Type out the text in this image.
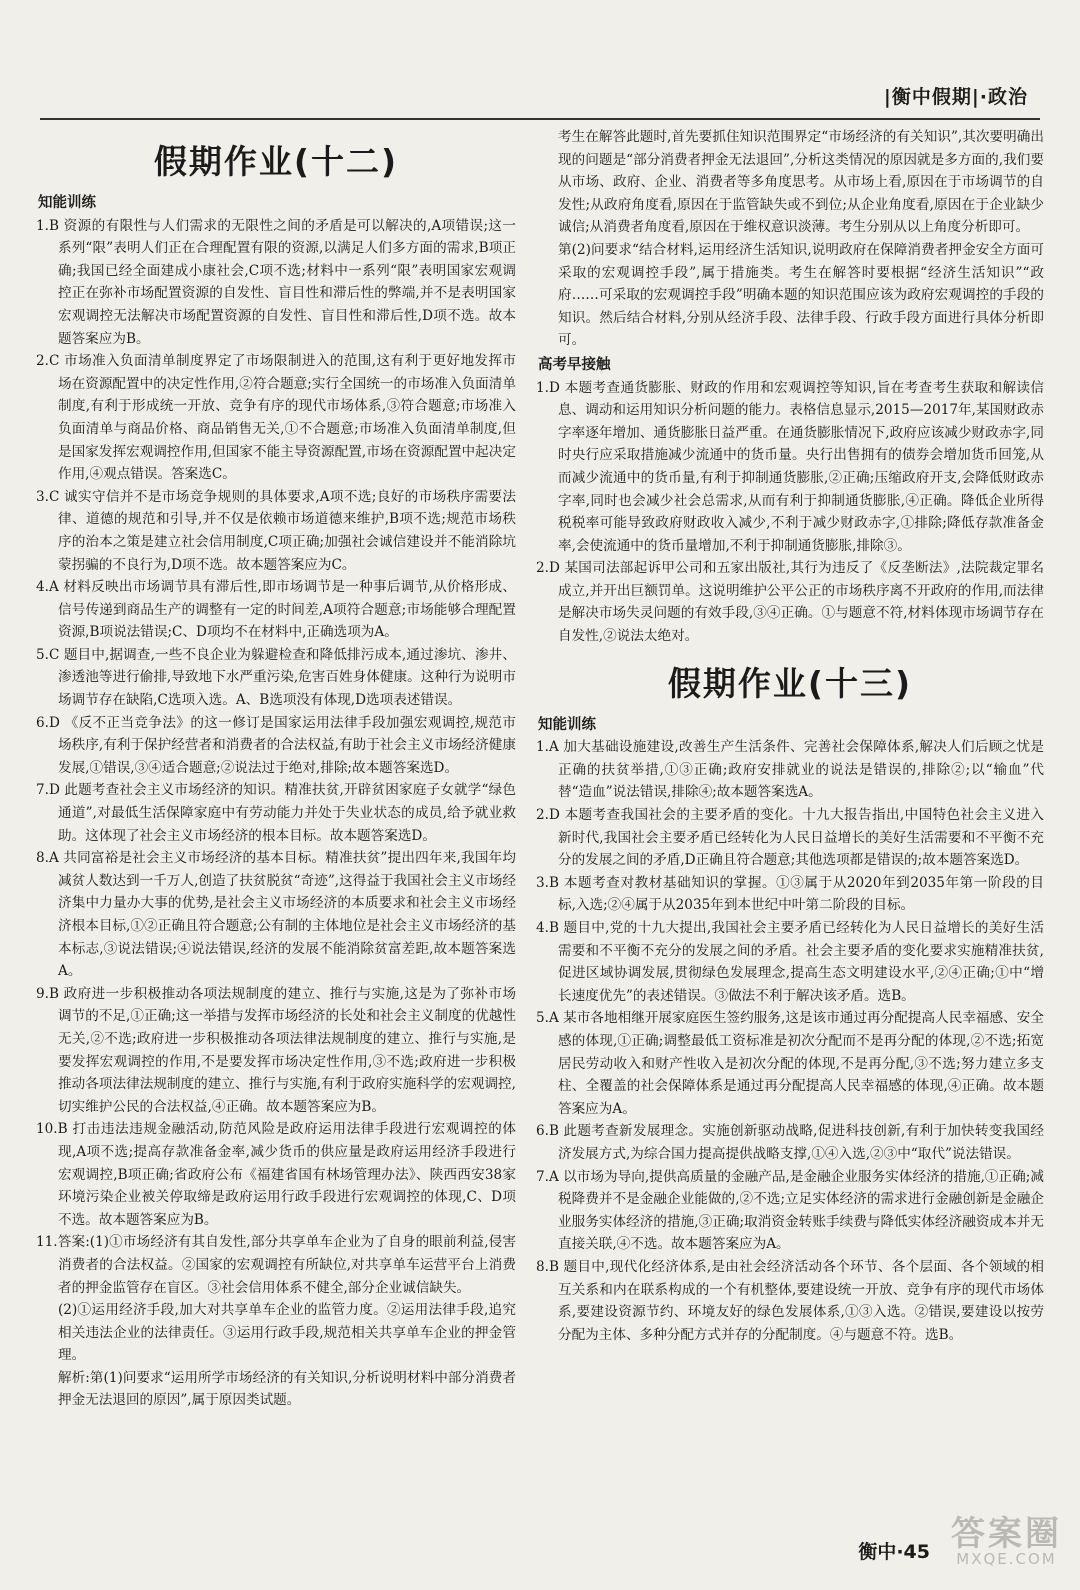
|衡中假期|·政治
假期作业(十二)
知能训练

1.B 资源的有限性与人们需求的无限性之间的矛盾是可以解决的,A项错误;这一系列“限”表明人们正在合理配置有限的资源,以满足人们多方面的需求,B项正确;我国已经全面建成小康社会,C项不选;材料中一系列“限”表明国家宏观调控正在弥补市场配置资源的自发性、盲目性和滞后性的弊端,并不是表明国家宏观调控无法解决市场配置资源的自发性、盲目性和滞后性,D项不选。故本题答案应为B。

2.C 市场准入负面清单制度界定了市场限制进入的范围,这有利于更好地发挥市场在资源配置中的决定性作用,②符合题意;实行全国统一的市场准入负面清单制度,有利于形成统一开放、竞争有序的现代市场体系,③符合题意;市场准入负面清单与商品价格、商品销售无关,①不合题意;市场准入负面清单制度,但是国家发挥宏观调控作用,但国家不能主导资源配置,市场在资源配置中起决定作用,④观点错误。答案选C。

3.C 诚实守信并不是市场竞争规则的具体要求,A项不选;良好的市场秩序需要法律、道德的规范和引导,并不仅是依赖市场道德来维护,B项不选;规范市场秩序的治本之策是建立社会信用制度,C项正确;加强社会诚信建设并不能消除坑蒙拐骗的不良行为,D项不选。故本题答案应为C。

4.A 材料反映出市场调节具有滞后性,即市场调节是一种事后调节,从价格形成、信号传递到商品生产的调整有一定的时间差,A项符合题意;市场能够合理配置资源,B项说法错误;C、D项均不在材料中,正确选项为A。

5.C 题目中,据调查,一些不良企业为躲避检查和降低排污成本,通过渗坑、渗井、渗透池等进行偷排,导致地下水严重污染,危害百姓身体健康。这种行为说明市场调节存在缺陷,C选项入选。A、B选项没有体现,D选项表述错误。

6.D 《反不正当竞争法》的这一修订是国家运用法律手段加强宏观调控,规范市场秩序,有利于保护经营者和消费者的合法权益,有助于社会主义市场经济健康发展,①错误,③④适合题意;②说法过于绝对,排除;故本题答案选D。

7.D 此题考查社会主义市场经济的知识。精准扶贫,开辟贫困家庭子女就学“绿色通道”,对最低生活保障家庭中有劳动能力并处于失业状态的成员,给予就业救助。这体现了社会主义市场经济的根本目标。故本题答案选D。

8.A 共同富裕是社会主义市场经济的基本目标。精准扶贫”提出四年来,我国年均减贫人数达到一千万人,创造了扶贫脱贫“奇迹”,这得益于我国社会主义市场经济集中力量办大事的优势,是社会主义市场经济的本质要求和社会主义市场经济根本目标,①②正确且符合题意;公有制的主体地位是社会主义市场经济的基本标志,③说法错误;④说法错误,经济的发展不能消除贫富差距,故本题答案选A。

9.B 政府进一步积极推动各项法规制度的建立、推行与实施,这是为了弥补市场调节的不足,①正确;这一举措与发挥市场经济的长处和社会主义制度的优越性无关,②不选;政府进一步积极推动各项法律法规制度的建立、推行与实施,是要发挥宏观调控的作用,不是要发挥市场决定性作用,③不选;政府进一步积极推动各项法律法规制度的建立、推行与实施,有利于政府实施科学的宏观调控,切实维护公民的合法权益,④正确。故本题答案应为B。

10.B 打击违法违规金融活动,防范风险是政府运用法律手段进行宏观调控的体现,A项不选;提高存款准备金率,减少货币的供应量是政府运用经济手段进行宏观调控,B项正确;省政府公布《福建省国有林场管理办法》、陕西西安38家环境污染企业被关停取缔是政府运用行政手段进行宏观调控的体现,C、D项不选。故本题答案应为B。

11.答案:(1)①市场经济有其自发性,部分共享单车企业为了自身的眼前利益,侵害消费者的合法权益。②国家的宏观调控有所缺位,对共享单车运营平台上消费者的押金监管存在盲区。③社会信用体系不健全,部分企业诚信缺失。

(2)①运用经济手段,加大对共享单车企业的监管力度。②运用法律手段,追究相关违法企业的法律责任。③运用行政手段,规范相关共享单车企业的押金管理。

解析:第(1)问要求“运用所学市场经济的有关知识,分析说明材料中部分消费者押金无法退回的原因”,属于原因类试题。

考生在解答此题时,首先要抓住知识范围界定“市场经济的有关知识”,其次要明确出现的问题是“部分消费者押金无法退回”,分析这类情况的原因就是多方面的,我们要从市场、政府、企业、消费者等多角度思考。从市场上看,原因在于市场调节的自发性;从政府角度看,原因在于监管缺失或不到位;从企业角度看,原因在于企业缺少诚信;从消费者角度看,原因在于维权意识淡薄。考生分别从以上角度分析即可。

第(2)问要求“结合材料,运用经济生活知识,说明政府在保障消费者押金安全方面可采取的宏观调控手段”,属于措施类。考生在解答时要根据“经济生活知识”“政府……可采取的宏观调控手段”明确本题的知识范围应该为政府宏观调控的手段的知识。然后结合材料,分别从经济手段、法律手段、行政手段方面进行具体分析即可。

高考早接触

1.D 本题考查通货膨胀、财政的作用和宏观调控等知识,旨在考查考生获取和解读信息、调动和运用知识分析问题的能力。表格信息显示,2015—2017年,某国财政赤字率逐年增加、通货膨胀日益严重。在通货膨胀情况下,政府应该减少财政赤字,同时央行应采取措施减少流通中的货币量。央行出售拥有的债券会增加货币回笼,从而减少流通中的货币量,有利于抑制通货膨胀,②正确;压缩政府开支,会降低财政赤字率,同时也会减少社会总需求,从而有利于抑制通货膨胀,④正确。降低企业所得税税率可能导致政府财政收入减少,不利于减少财政赤字,①排除;降低存款准备金率,会使流通中的货币量增加,不利于抑制通货膨胀,排除③。

2.D 某国司法部起诉甲公司和五家出版社,其行为违反了《反垄断法》,法院裁定罪名成立,并开出巨额罚单。这说明维护公平公正的市场秩序离不开政府的作用,而法律是解决市场失灵问题的有效手段,③④正确。①与题意不符,材料体现市场调节存在自发性,②说法太绝对。

假期作业(十三)
知能训练

1.A 加大基础设施建设,改善生产生活条件、完善社会保障体系,解决人们后顾之忧是正确的扶贫举措,①③正确;政府安排就业的说法是错误的,排除②;以“输血”代替“造血”说法错误,排除④;故本题答案选A。

2.D 本题考查我国社会的主要矛盾的变化。十九大报告指出,中国特色社会主义进入新时代,我国社会主要矛盾已经转化为人民日益增长的美好生活需要和不平衡不充分的发展之间的矛盾,D正确且符合题意;其他选项都是错误的;故本题答案选D。

3.B 本题考查对教材基础知识的掌握。①③属于从2020年到2035年第一阶段的目标,入选;②④属于从2035年到本世纪中叶第二阶段的目标。

4.B 题目中,党的十九大提出,我国社会主要矛盾已经转化为人民日益增长的美好生活需要和不平衡不充分的发展之间的矛盾。社会主要矛盾的变化要求实施精准扶贫,促进区域协调发展,贯彻绿色发展理念,提高生态文明建设水平,②④正确;①中“增长速度优先”的表述错误。③做法不利于解决该矛盾。选B。

5.A 某市各地相继开展家庭医生签约服务,这是该市通过再分配提高人民幸福感、安全感的体现,①正确;调整最低工资标准是初次分配而不是再分配的体现,②不选;拓宽居民劳动收入和财产性收入是初次分配的体现,不是再分配,③不选;努力建立多支柱、全覆盖的社会保障体系是通过再分配提高人民幸福感的体现,④正确。故本题答案应为A。

6.B 此题考查新发展理念。实施创新驱动战略,促进科技创新,有利于加快转变我国经济发展方式,为综合国力提高提供战略支撑,①④入选,②③中“取代”说法错误。

7.A 以市场为导向,提供高质量的金融产品,是金融企业服务实体经济的措施,①正确;减税降费并不是金融企业能做的,②不选;立足实体经济的需求进行金融创新是金融企业服务实体经济的措施,③正确;取消资金转账手续费与降低实体经济融资成本并无直接关联,④不选。故本题答案应为A。

8.B 题目中,现代化经济体系,是由社会经济活动各个环节、各个层面、各个领域的相互关系和内在联系构成的一个有机整体,要建设统一开放、竞争有序的现代市场体系,要建设资源节约、环境友好的绿色发展体系,①③入选。②错误,要建设以按劳分配为主体、多种分配方式并存的分配制度。④与题意不符。选B。

衡中·45 答案圈
MXQE.COM
